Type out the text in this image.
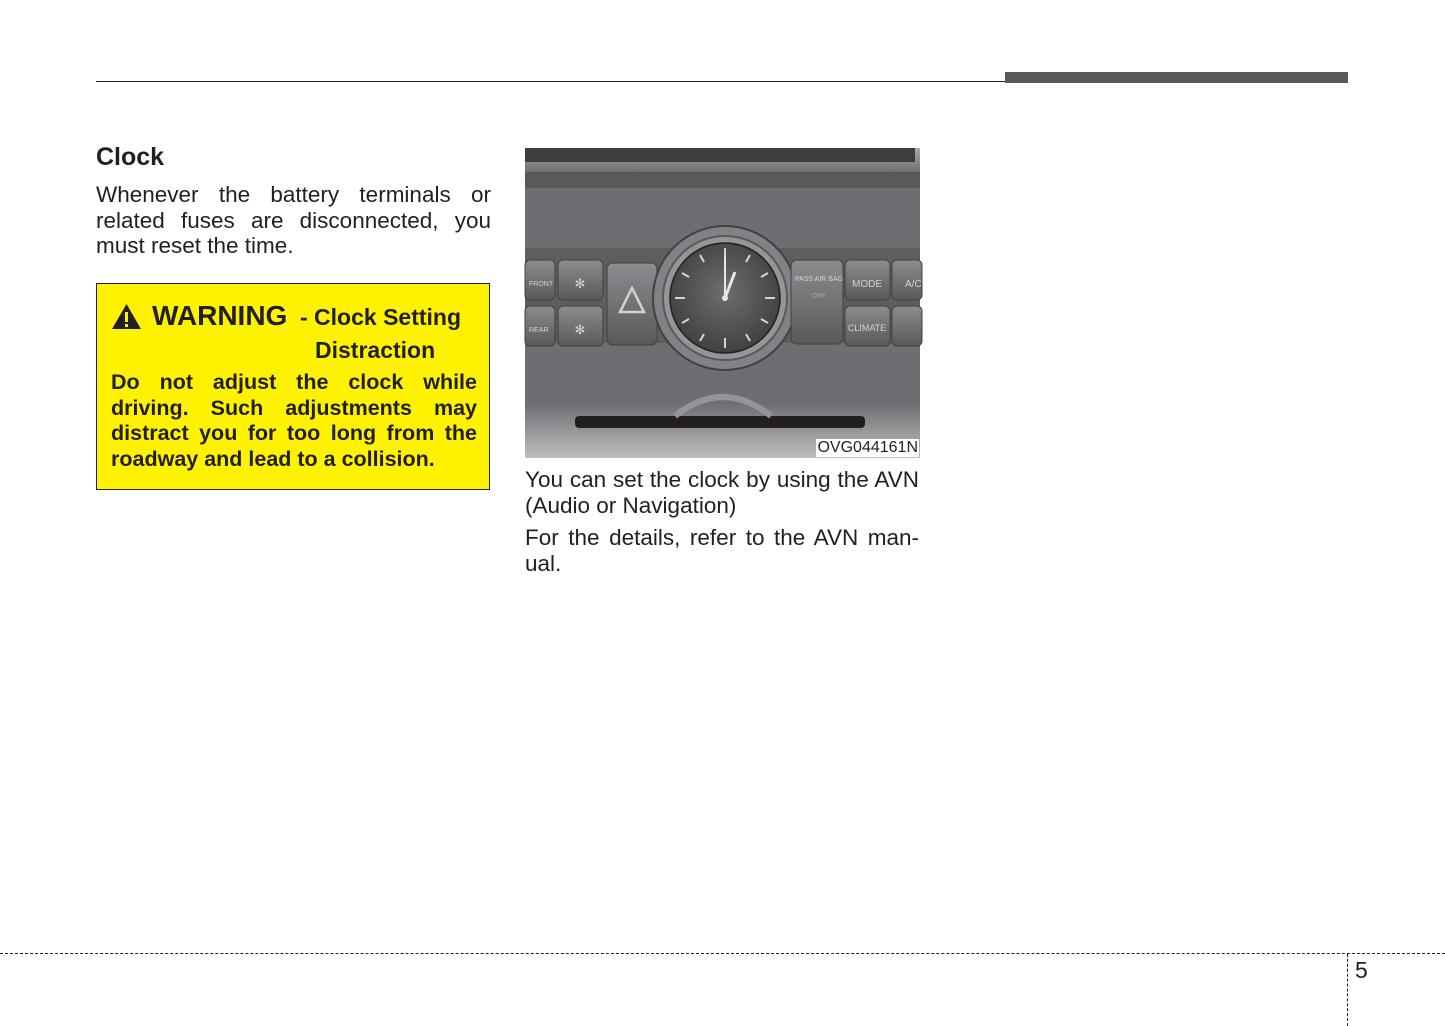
Clock

Whenever the battery terminals or related fuses are disconnected, you must reset the time.

WARNING - Clock Setting
Distraction

Do not adjust the clock while driving. Such adjustments may distract you for too long from the roadway and lead to a collision.

✻
✻
FRONT
REAR
PASS AIR BAG
OFF
MODE
CLIMATE
A/C
OVG044161N

You can set the clock by using the AVN (Audio or Navigation)

For the details, refer to the AVN man-ual.

5
